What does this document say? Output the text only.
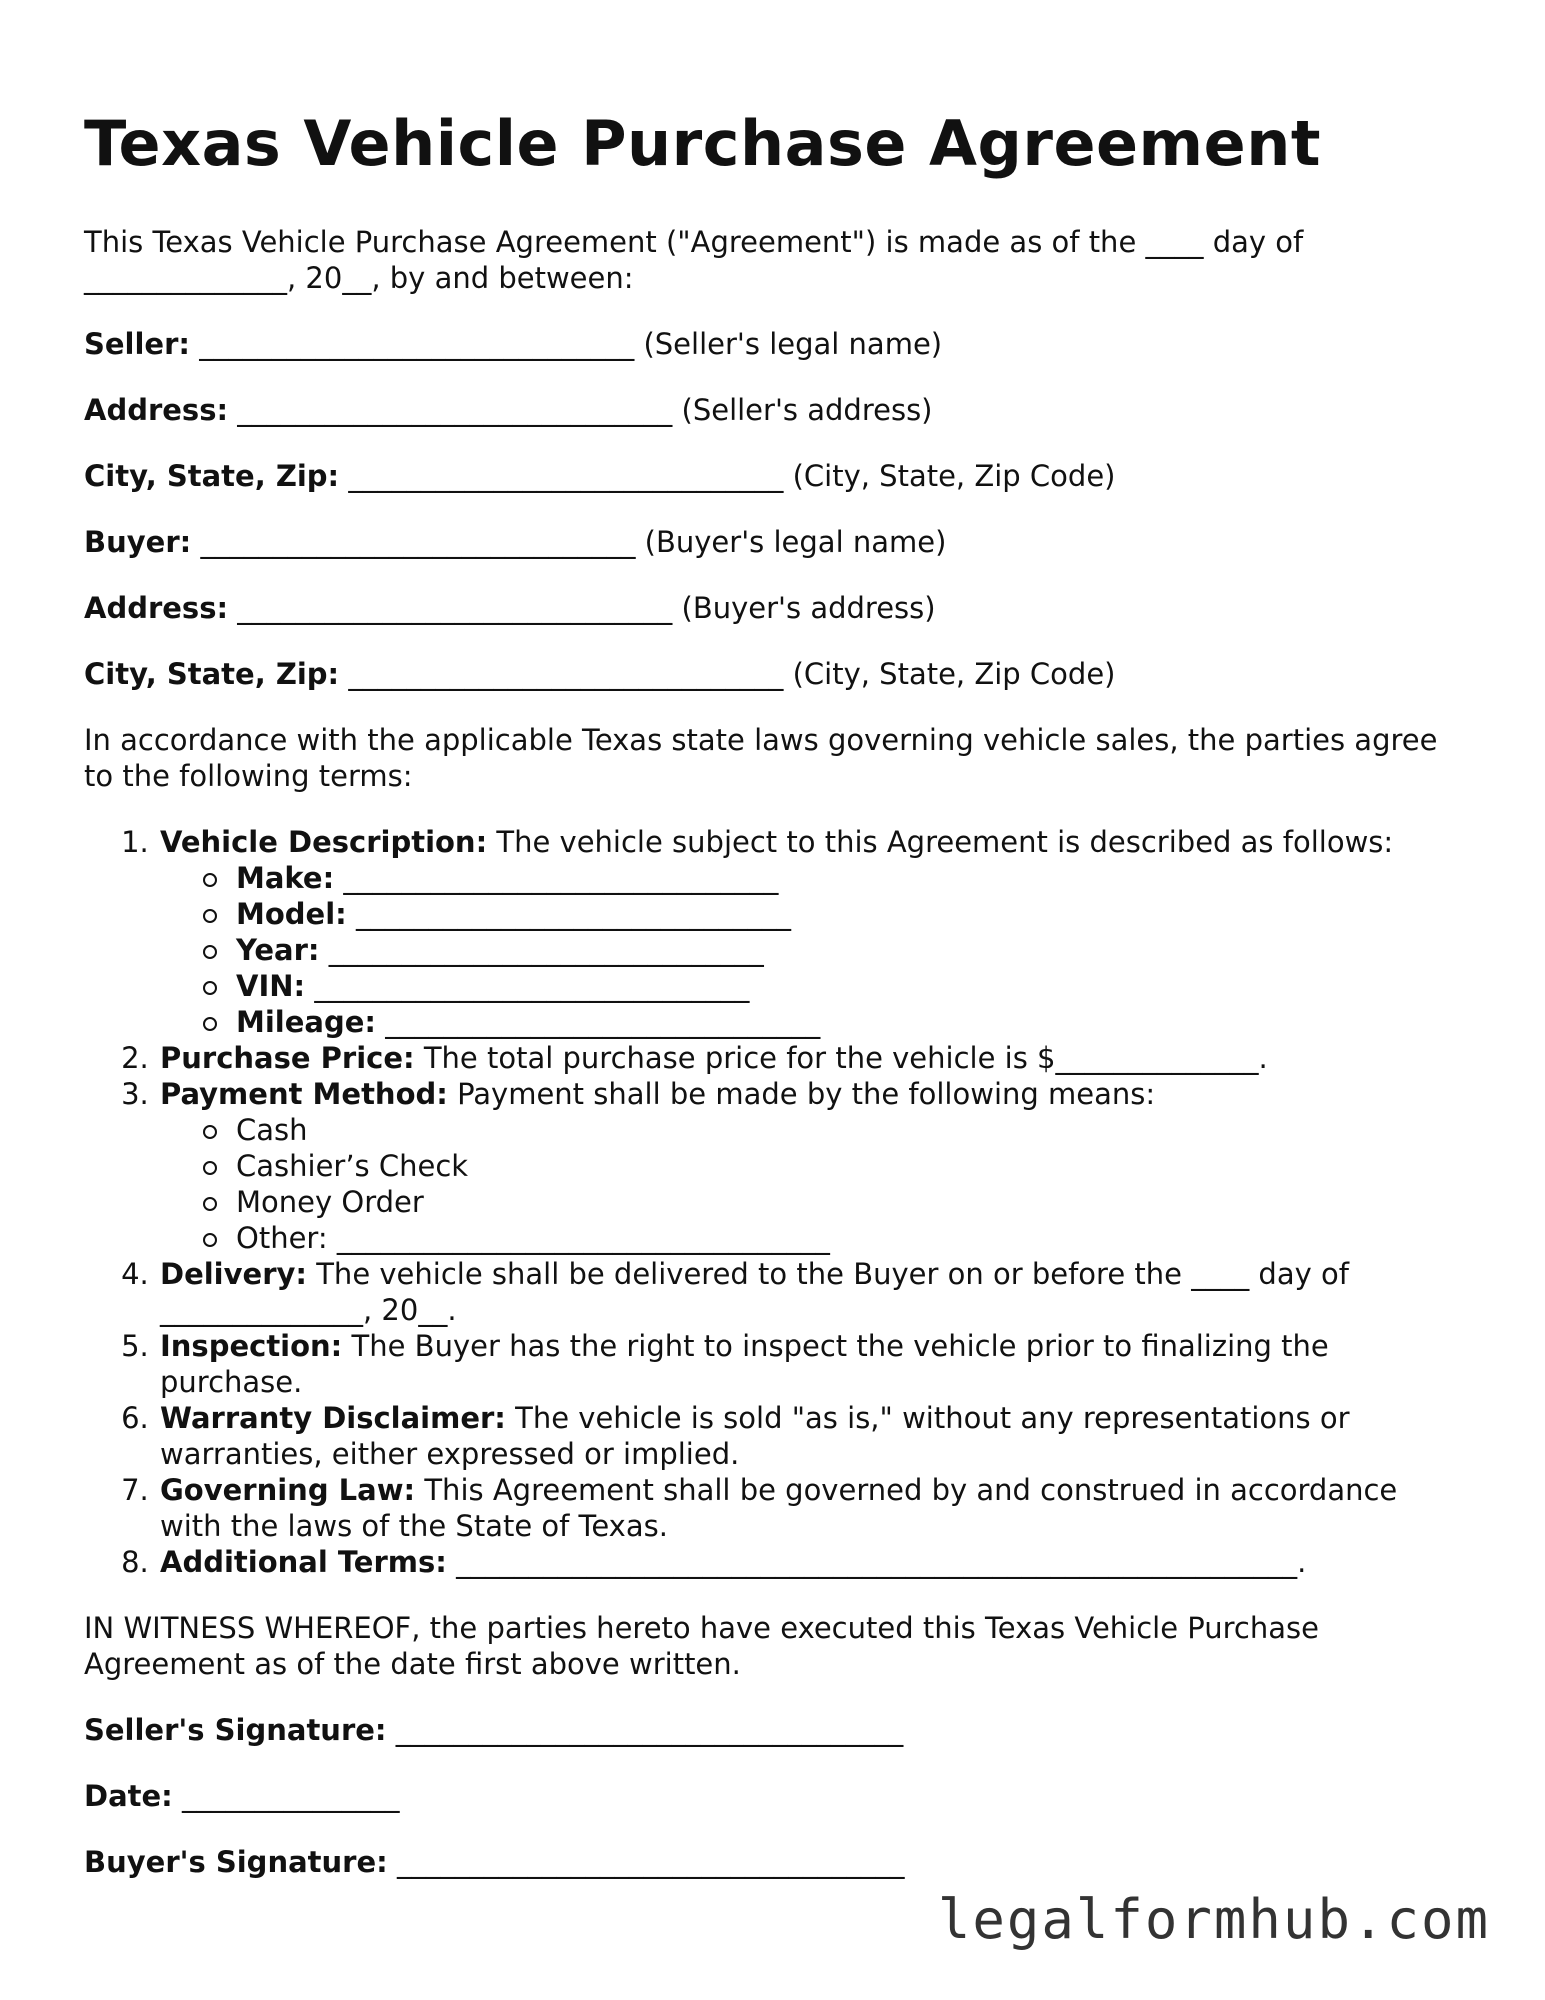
Texas Vehicle Purchase Agreement

This Texas Vehicle Purchase Agreement ("Agreement") is made as of the ____ day of ______________, 20__, by and between:

Seller: ______________________________ (Seller's legal name)
Address: ______________________________ (Seller's address)
City, State, Zip: ______________________________ (City, State, Zip Code)
Buyer: ______________________________ (Buyer's legal name)
Address: ______________________________ (Buyer's address)
City, State, Zip: ______________________________ (City, State, Zip Code)

In accordance with the applicable Texas state laws governing vehicle sales, the parties agree to the following terms:

1. Vehicle Description: The vehicle subject to this Agreement is described as follows:
Make: ______________________________
Model: ______________________________
Year: ______________________________
VIN: ______________________________
Mileage: ______________________________
2. Purchase Price: The total purchase price for the vehicle is $______________.
3. Payment Method: Payment shall be made by the following means:
Cash
Cashier’s Check
Money Order
Other: __________________________________
4. Delivery: The vehicle shall be delivered to the Buyer on or before the ____ day of ______________, 20__.
5. Inspection: The Buyer has the right to inspect the vehicle prior to finalizing the purchase.
6. Warranty Disclaimer: The vehicle is sold "as is," without any representations or warranties, either expressed or implied.
7. Governing Law: This Agreement shall be governed by and construed in accordance with the laws of the State of Texas.
8. Additional Terms: __________________________________________________________.

IN WITNESS WHEREOF, the parties hereto have executed this Texas Vehicle Purchase Agreement as of the date first above written.

Seller's Signature: ___________________________________
Date: _______________
Buyer's Signature: ___________________________________
legalformhub.com
